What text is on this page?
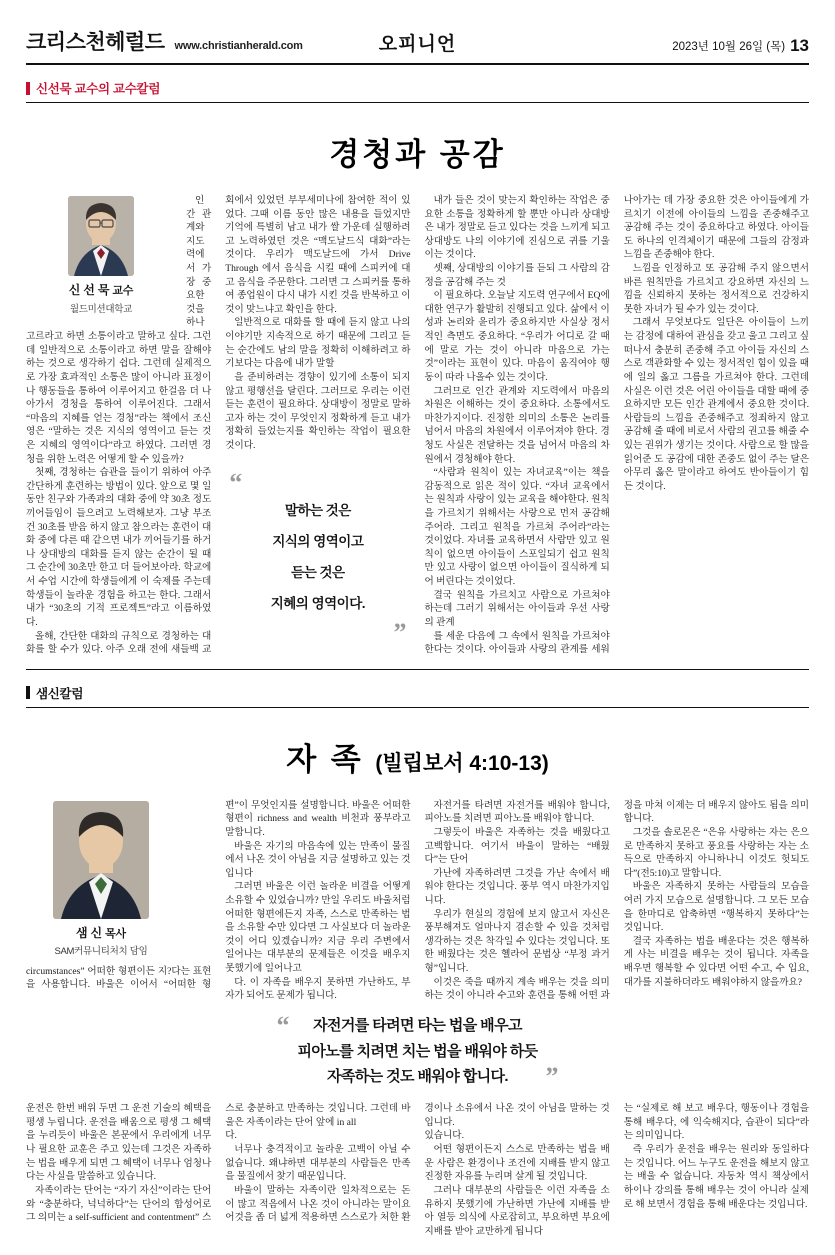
크리스천헤럴드 www.christianherald.com	오피니언	2023년 10월 26일 (목) 13
신선묵 교수의 교수칼럼
경청과 공감
신 선 묵 교수
월드미션대학교

인간 관계와 지도력에서 가장 중요한 것을 하나 고르라고 하면 소통이라고 말하고 싶다. 그런 데 일반적으로 소통이라고 하면 말을 잘해야 하는 것으로 생각하기 쉽다. 그런데 실제적으로 가장 효과적인 소통은 많이 아니라 표정이나 행동들을 통하여 이루어지고 한걸음 더 나아가서 경청을 통하여 이루어진다. 그래서 “마음의 지혜를 얻는 경청”라는 책에서 조신영은 “말하는 것은 지식의 영역이고 듣는 것은 지혜의 영역이다”라고 하였다. 그러면 경청을 위한 노력은 어떻게 할 수 있을까?

첫째, 경청하는 습관을 들이기 위하여 아주 간단하게 훈련하는 방법이 있다. 앞으로 몇 일 동안 친구와 가족과의 대화 중에 약 30초 정도 끼어들임이 들으려고 노력해보자. 그냥 부조건 30초를 받음 하지 않고 참으라는 훈련이 대화 중에 다른 때 같으면 내가 끼어들기를 하거나 상대방의 대화를 듣지 않는 순간이 될 때 그 순간에 30초만 한고 더 들어보아라. 학교에서 수업 시간에 학생들에게 이 숙제를 주는데 학생들이 놀라운 경험을 하고는 한다. 그래서 내가 “30초의 기적 프로젝트”라고 이름하였다.

올해, 간단한 대화의 규칙으로 경청하는 대화를 할 수가 있다. 아주 오래 전에 새들백 교회에서 있었던 부부세미나에 참여한 적이 있었다. 그때 이름 동안 많은 내용을 들었지만 기억에 특별히 남고 내가 쌀 가운데 실행하려고 노력하였던 것은 “맥도날드식 대화”라는 것이다. 우리가 맥도날드에 가서 Drive Through 에서 음식을 시킬 때에 스피커에 대고 음식을 주문한다. 그러면 그 스피커를 통하여 종업원이 다시 내가 시킨 것을 반복하고 이것이 맞느냐고 확인을 한다.

일반적으로 대화를 할 때에 듣지 않고 나의 이야기만 지속적으로 하기 때문에 그리고 듣는 순간에도 남의 말을 정확히 이해하려고 하기보다는 다음에 내가 말할

을 준비하려는 경향이 있기에 소통이 되지않고 평행선을 달린다. 그러므로 우리는 이런 듣는 훈련이 필요하다. 상대방이 정말로 말하고자 하는 것이 무엇인지 정확하게 듣고 내가 정확히 들었는지를 확인하는 작업이 필요한 것이다.

“

말하는 것은

지식의 영역이고

듣는 것은

지혜의 영역이다.

”

내가 들은 것이 맞는지 확인하는 작업은 중요한 소통을 정확하게 할 뿐만 아니라 상대방은 내가 정말로 듣고 있다는 것을 느끼게 되고 상대방도 나의 이야기에 진심으로 귀를 기울이는 것이다.

셋째, 상대방의 이야기를 듣되 그 사람의 감정을 공감해 주는 것

이 필요하다. 오늘날 지도력 연구에서 EQ에 대한 연구가 활발히 진행되고 있다. 삶에서 이성과 논리와 윤리가 중요하지만 사실상 정서적인 측면도 중요하다. “우리가 어디로 갈 때에 말로 가는 것이 아니라 마음으로 가는 것”이라는 표현이 있다. 마음이 움직여야 행동이 따라 나올수 있는 것이다.

그러므로 인간 관계와 지도력에서 마음의 차원은 이해하는 것이 중요하다. 소통에서도 마찬가지이다. 진정한 의미의 소통은 논리를 넘어서 마음의 차원에서 이루어져야 한다. 경청도 사실은 전달하는 것을 넘어서 마음의 차원에서 경청해야 한다.

“사람과 원칙이 있는 자녀교육”이는 책을 감동적으로 읽은 적이 있다. “자녀 교육에서는 원칙과 사랑이 있는 교육을 해야한다. 원칙을 가르치기 위해서는 사랑으로 먼저 공감해 주어라. 그리고 원칙을 가르쳐 주어라”라는 것이었다. 자녀를 교육하면서 사람만 있고 원칙이 없으면 아이들이 스포일되기 쉽고 원칙만 있고 사랑이 없으면 아이들이 질식하게 되어 버린다는 것이었다.

결국 원칙을 가르치고 사람으로 가르쳐야 하는데 그러기 위해서는 아이들과 우선 사랑의 관계

를 세운 다음에 그 속에서 원칙을 가르쳐야 한다는 것이다. 아이들과 사랑의 관계를 세워 나아가는 데 가장 중요한 것은 아이들에게 가르치기 이전에 아이들의 느낌을 존중해주고 공감해 주는 것이 중요하다고 하였다. 아이들도 하나의 인격체이기 때문에 그들의 감정과 느낌을 존중해야 한다.

느낌을 인정하고 또 공감해 주지 않으면서 바른 원칙만을 가르치고 강요하면 자신의 느낌을 신뢰하지 못하는 정서적으로 건강하지 못한 자녀가 될 수가 있는 것이다.

그래서 무엇보다도 일단은 아이들이 느끼는 감정에 대하여 관심을 갖고 울고 그리고 싶 떠나서 충분히 존중해 주고 아이들 자신의 스스로 객관화할 수 있는 정서적인 힘이 있을 때에 일의 옳고 그름을 가르쳐야 한다. 그런데 사실은 이런 것은 어린 아이들을 대할 때에 중요하지만 모든 인간 관계에서 중요한 것이다. 사람들의 느낌을 존중해주고 정죄하지 않고 공감해 줄 때에 비로서 사람의 권고를 해줄 수 있는 권위가 생기는 것이다. 사람으로 할 많을 읽어준 도 공감에 대한 존중도 없이 주는 달은 아무리 옳은 말이라고 하여도 반아들이기 힘든 것이다.

샘신칼럼
자 족 (빌립보서 4:10-13)
샘 신 목사
SAM커뮤니티처치 담임

circumstances” 어떠한 형편이든 지?다는 표현을 사용합니다. 바울은 이어서 “어떠한 형편”이 무엇인지를 설명합니다. 바울은 어떠한 형편이 richness and wealth 비천과 풍부라고 말합니다.

바울은 자기의 마음속에 있는 만족이 물질에서 나온 것이 아님을 지금 설명하고 있는 것입니다

그러면 바울은 이런 놀라운 비결을 어떻게 소유할 수 있었습니까? 만일 우리도 바울처럼 어떠한 형편에든지 자족, 스스로 만족하는 법을 소유할 수만 있다면 그 사실보다 더 놀라운 것이 어디 있겠습니까? 지금 우리 주변에서 일어나는 대부분의 문제들은 이것을 배우지 못했기에 일어나고

다. 이 자족을 배우지 못하면 가난하도, 부자가 되어도 문제가 됩니다.

자전거를 타려면 자전거를 배워야 합니다, 피아노를 치려면 피아노를 배워야 합니다.

그렇듯이 바울은 자족하는 것을 배웠다고 고백합니다. 여기서 바울이 말하는 “배웠다”는 단어

가난에 자족하려면 그것을 가난 속에서 배워야 한다는 것입니다. 풍부 역시 마찬가지입니다.

우리가 현실의 경험에 보지 않고서 자신은 풍부해져도 얼마나지 겸손할 수 있을 것처럼 생각하는 것은 착각일 수 있다는 것입니다. 또한 배웠다는 것은 헬라어 문법상 “부정 과거형”입니다.

이것은 죽을 때까지 계속 배우는 것을 의미하는 것이 아니라 수고와 훈련을 통해 어떤 과정을 마쳐 이제는 더 배우지 않아도 됨을 의미합니다.

그것을 솔로몬은 “은유 사랑하는 자는 은으로 만족하지 못하고 풍요를 사랑하는 자는 소득으로 만족하지 아니하나니 이것도 헛되도다”(전5:10)고 말합니다.

바울은 자족하지 못하는 사람들의 모습을 여러 가지 모습으로 설명합니다. 그 모든 모습을 한마디로 압축하면 “행복하지 못하다”는 것입니다.

결국 자족하는 법을 배운다는 것은 행복하게 사는 비결을 배우는 것이 됩니다. 자족을 배우면 행복할 수 있다면 어떤 수고, 수 입요, 대가를 지불하더라도 배워야하지 않을까요?

“	자전거를 타려면 타는 법을 배우고
피아노를 치려면 치는 법을 배워야 하듯
자족하는 것도 배워야 합니다.	”

운전은 한번 배위 두면 그 운전 기술의 혜택을 평생 누립니다. 운전을 배움으로 평생 그 혜택을 누리듯이 바울은 본문에서 우리에게 너무나 필요한 교훈은 주고 있는데 그것은 자족하는 법을 배우게 되면 그 혜택이 너무나 엄청나다는 사실을 말씀하고 있습니다.

자족이라는 단어는 “자기 자신”이라는 단어와 “충분하다, 넉넉하다”는 단어의 합성어로 그 의미는 a self-sufficient and contentment” 스스로 충분하고 만족하는 것입니다. 그런데 바울은 자족이라는 단어 앞에 in all

다.

너무나 충격적이고 놀라운 고백이 아닐 수 없습니다. 왜냐하면 대부분의 사람들은 만족을 물질에서 찾기 때문입니다.

바울이 말하는 자족이란 일차적으로는 돈이 많고 적음에서 나온 것이 아니라는 말이요 어것을 좁 더 넓게 적용하면 스스로가 처한 환경이나 소유에서 나온 것이 아님을 말하는 것입니다.

있습니다.

어떤 형편이든지 스스로 만족하는 법을 배운 사람은 환경이나 조건에 지배를 받지 않고 진정한 자유를 누리며 살게 될 것입니다.

그러나 대부분의 사람들은 이런 자족을 소유하지 못했기에 가난하면 가난에 지배를 받아 열등 의식에 사로잡히고, 부요하면 부요에 지배를 받아 교만하게 됩니다

는 “실제로 해 보고 배우다, 행동이나 경험을 통해 배우다, 에 익숙해지다, 습관이 되다”라는 의미입니다.

즉 우리가 운전을 배우는 원리와 동일하다는 것입니다. 어느 누구도 운전을 해보지 않고는 배울 수 없습니다. 자동차 역시 책상에서 하이나 강의를 통해 배우는 것이 아니라 실제로 해 보면서 경험을 통해 배운다는 것입니다.
